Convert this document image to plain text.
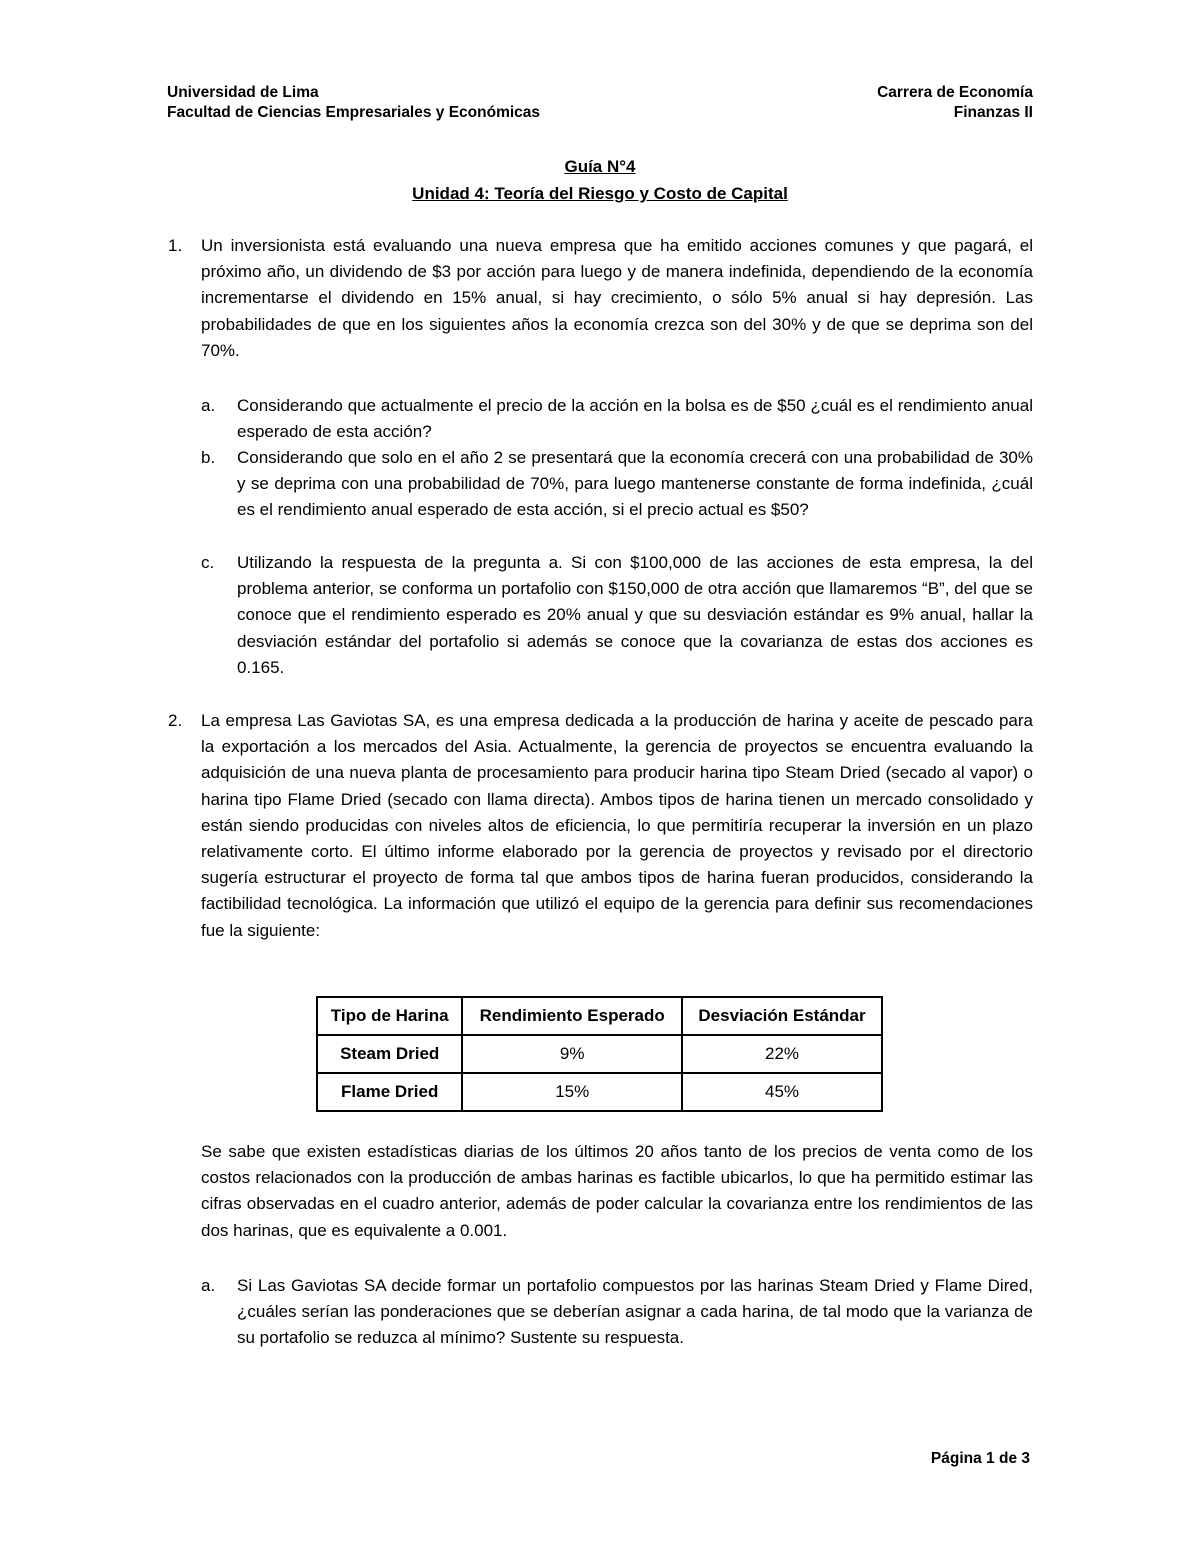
Universidad de Lima
Facultad de Ciencias Empresariales y Económicas
Carrera de Economía
Finanzas II
Guía N°4
Unidad 4: Teoría del Riesgo y Costo de Capital
1. Un inversionista está evaluando una nueva empresa que ha emitido acciones comunes y que pagará, el próximo año, un dividendo de $3 por acción para luego y de manera indefinida, dependiendo de la economía incrementarse el dividendo en 15% anual, si hay crecimiento, o sólo 5% anual si hay depresión. Las probabilidades de que en los siguientes años la economía crezca son del 30% y de que se deprima son del 70%.
a. Considerando que actualmente el precio de la acción en la bolsa es de $50 ¿cuál es el rendimiento anual esperado de esta acción?
b. Considerando que solo en el año 2 se presentará que la economía crecerá con una probabilidad de 30% y se deprima con una probabilidad de 70%, para luego mantenerse constante de forma indefinida, ¿cuál es el rendimiento anual esperado de esta acción, si el precio actual es $50?
c. Utilizando la respuesta de la pregunta a. Si con $100,000 de las acciones de esta empresa, la del problema anterior, se conforma un portafolio con $150,000 de otra acción que llamaremos “B”, del que se conoce que el rendimiento esperado es 20% anual y que su desviación estándar es 9% anual, hallar la desviación estándar del portafolio si además se conoce que la covarianza de estas dos acciones es 0.165.
2. La empresa Las Gaviotas SA, es una empresa dedicada a la producción de harina y aceite de pescado para la exportación a los mercados del Asia. Actualmente, la gerencia de proyectos se encuentra evaluando la adquisición de una nueva planta de procesamiento para producir harina tipo Steam Dried (secado al vapor) o harina tipo Flame Dried (secado con llama directa). Ambos tipos de harina tienen un mercado consolidado y están siendo producidas con niveles altos de eficiencia, lo que permitiría recuperar la inversión en un plazo relativamente corto. El último informe elaborado por la gerencia de proyectos y revisado por el directorio sugería estructurar el proyecto de forma tal que ambos tipos de harina fueran producidos, considerando la factibilidad tecnológica. La información que utilizó el equipo de la gerencia para definir sus recomendaciones fue la siguiente:
Tipo de Harina	Rendimiento Esperado	Desviación Estándar
Steam Dried	9%	22%
Flame Dried	15%	45%
Se sabe que existen estadísticas diarias de los últimos 20 años tanto de los precios de venta como de los costos relacionados con la producción de ambas harinas es factible ubicarlos, lo que ha permitido estimar las cifras observadas en el cuadro anterior, además de poder calcular la covarianza entre los rendimientos de las dos harinas, que es equivalente a 0.001.
a. Si Las Gaviotas SA decide formar un portafolio compuestos por las harinas Steam Dried y Flame Dired, ¿cuáles serían las ponderaciones que se deberían asignar a cada harina, de tal modo que la varianza de su portafolio se reduzca al mínimo? Sustente su respuesta.
Página 1 de 3
